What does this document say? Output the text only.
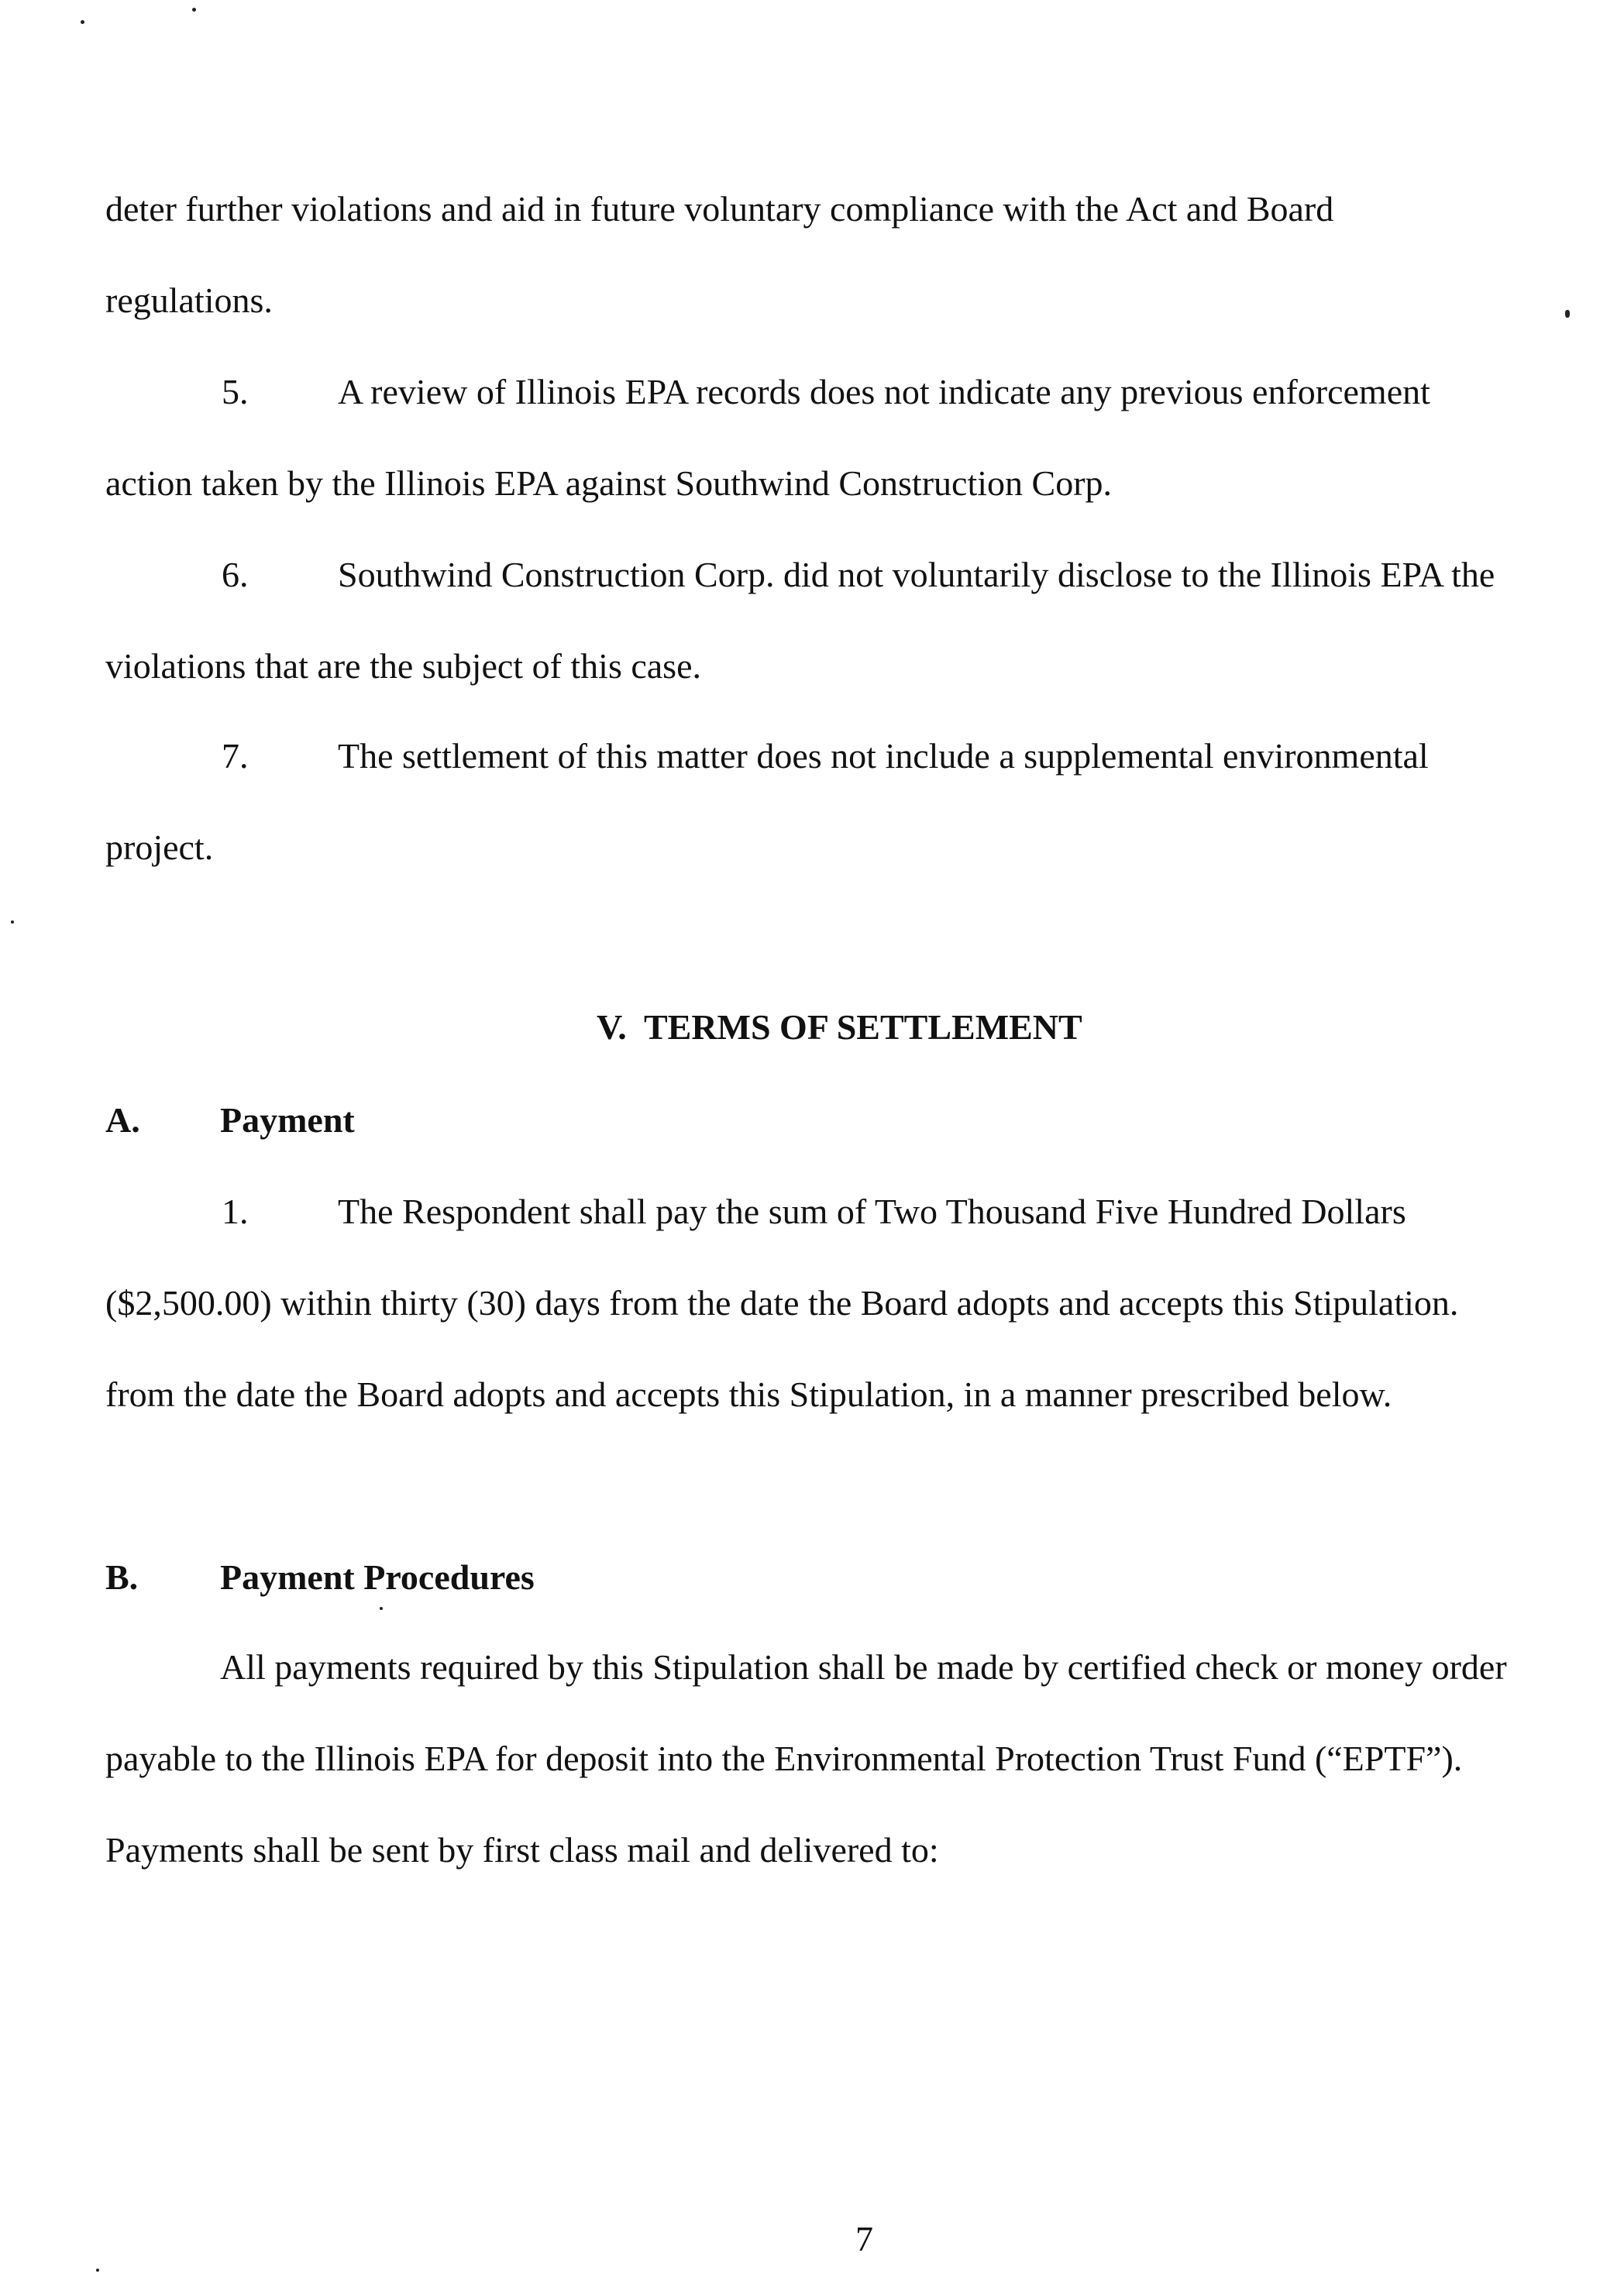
deter further violations and aid in future voluntary compliance with the Act and Board

regulations.

5.	A review of Illinois EPA records does not indicate any previous enforcement

action taken by the Illinois EPA against Southwind Construction Corp.

6.	Southwind Construction Corp. did not voluntarily disclose to the Illinois EPA the

violations that are the subject of this case.

7.	The settlement of this matter does not include a supplemental environmental

project.

V.  TERMS OF SETTLEMENT
A. Payment
1.	The Respondent shall pay the sum of Two Thousand Five Hundred Dollars

($2,500.00) within thirty (30) days from the date the Board adopts and accepts this Stipulation.

from the date the Board adopts and accepts this Stipulation, in a manner prescribed below.

B. Payment Procedures

All payments required by this Stipulation shall be made by certified check or money order

payable to the Illinois EPA for deposit into the Environmental Protection Trust Fund (“EPTF”).

Payments shall be sent by first class mail and delivered to:

7
